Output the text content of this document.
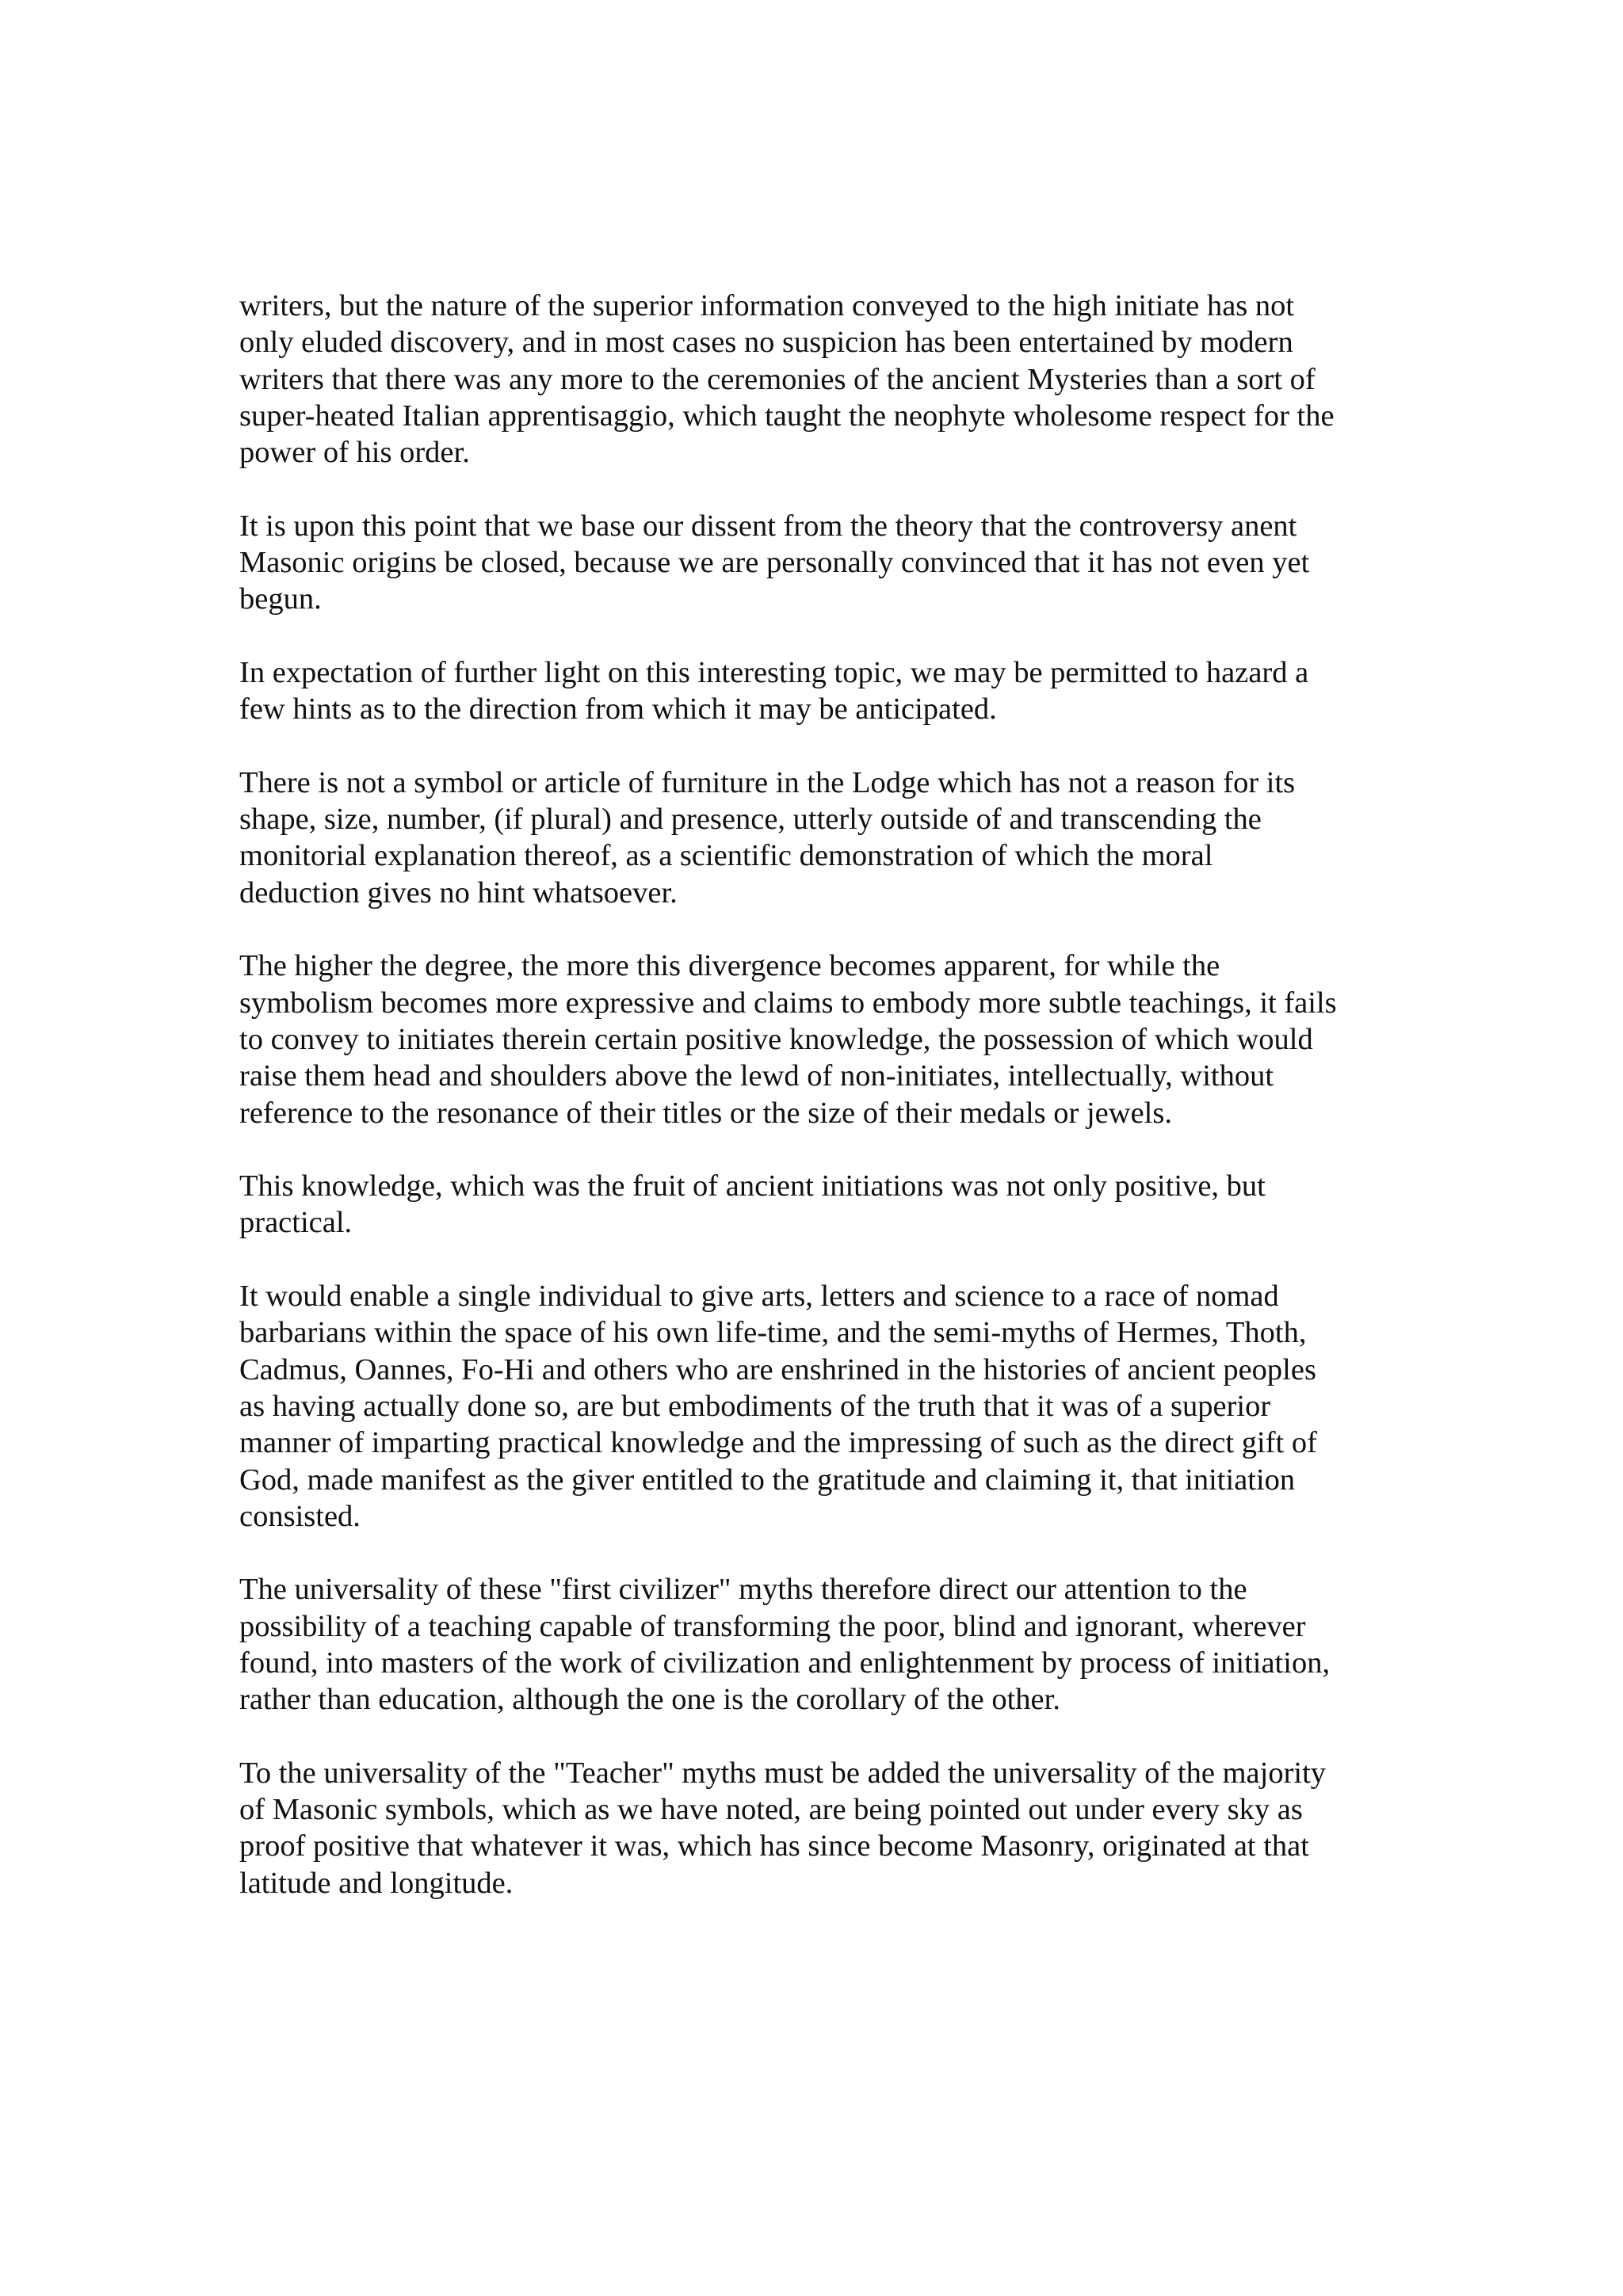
writers, but the nature of the superior information conveyed to the high initiate has not
only eluded discovery, and in most cases no suspicion has been entertained by modern
writers that there was any more to the ceremonies of the ancient Mysteries than a sort of
super-heated Italian apprentisaggio, which taught the neophyte wholesome respect for the
power of his order.

It is upon this point that we base our dissent from the theory that the controversy anent
Masonic origins be closed, because we are personally convinced that it has not even yet
begun.

In expectation of further light on this interesting topic, we may be permitted to hazard a
few hints as to the direction from which it may be anticipated.

There is not a symbol or article of furniture in the Lodge which has not a reason for its
shape, size, number, (if plural) and presence, utterly outside of and transcending the
monitorial explanation thereof, as a scientific demonstration of which the moral
deduction gives no hint whatsoever.

The higher the degree, the more this divergence becomes apparent, for while the
symbolism becomes more expressive and claims to embody more subtle teachings, it fails
to convey to initiates therein certain positive knowledge, the possession of which would
raise them head and shoulders above the lewd of non-initiates, intellectually, without
reference to the resonance of their titles or the size of their medals or jewels.

This knowledge, which was the fruit of ancient initiations was not only positive, but
practical.

It would enable a single individual to give arts, letters and science to a race of nomad
barbarians within the space of his own life-time, and the semi-myths of Hermes, Thoth,
Cadmus, Oannes, Fo-Hi and others who are enshrined in the histories of ancient peoples
as having actually done so, are but embodiments of the truth that it was of a superior
manner of imparting practical knowledge and the impressing of such as the direct gift of
God, made manifest as the giver entitled to the gratitude and claiming it, that initiation
consisted.

The universality of these "first civilizer" myths therefore direct our attention to the
possibility of a teaching capable of transforming the poor, blind and ignorant, wherever
found, into masters of the work of civilization and enlightenment by process of initiation,
rather than education, although the one is the corollary of the other.

To the universality of the "Teacher" myths must be added the universality of the majority
of Masonic symbols, which as we have noted, are being pointed out under every sky as
proof positive that whatever it was, which has since become Masonry, originated at that
latitude and longitude.
